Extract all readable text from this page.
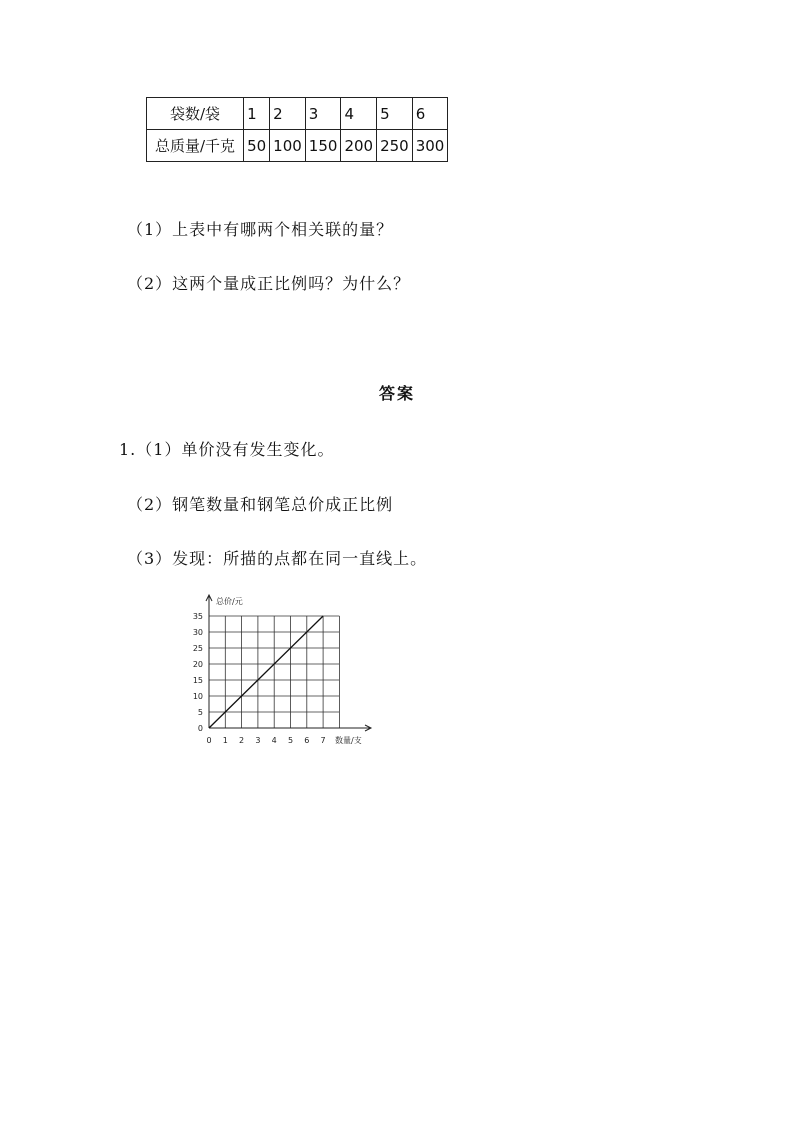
袋数/袋	1	2	3	4	5	6
总质量/千克	50	100	150	200	250	300
（1）上表中有哪两个相关联的量？
（2）这两个量成正比例吗？为什么？
答案
1.（1）单价没有发生变化。
（2）钢笔数量和钢笔总价成正比例
（3）发现：所描的点都在同一直线上。
0 1 2 3 4 5 6 7
0
5
10
15
20
25
30
35
总价/元
数量/支
